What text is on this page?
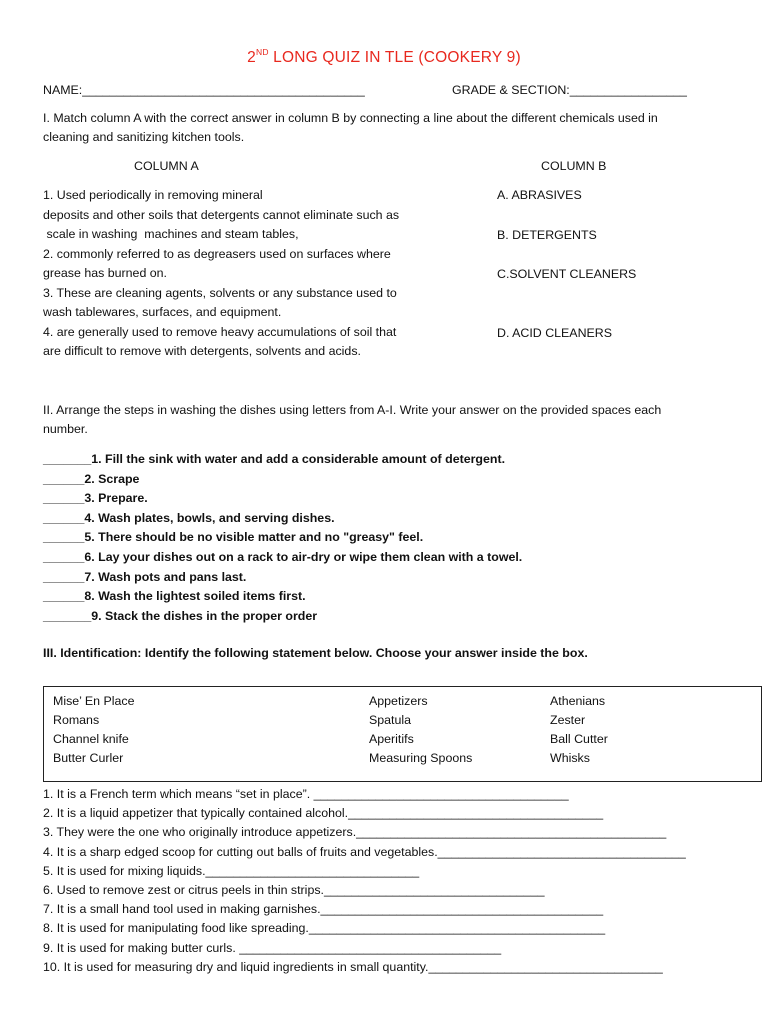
2ND LONG QUIZ IN TLE (COOKERY 9)
NAME:_________________________________________	GRADE & SECTION:_________________
I. Match column A with the correct answer in column B by connecting a line about the different chemicals used in
cleaning and sanitizing kitchen tools.
COLUMN A	COLUMN B
1. Used periodically in removing mineral
deposits and other soils that detergents cannot eliminate such as
scale in washing  machines and steam tables,
2. commonly referred to as degreasers used on surfaces where
grease has burned on.
3. These are cleaning agents, solvents or any substance used to
wash tablewares, surfaces, and equipment.
4. are generally used to remove heavy accumulations of soil that
are difficult to remove with detergents, solvents and acids.
A. ABRASIVES
B. DETERGENTS
C.SOLVENT CLEANERS
D. ACID CLEANERS
II. Arrange the steps in washing the dishes using letters from A-I. Write your answer on the provided spaces each
number.
_______1. Fill the sink with water and add a considerable amount of detergent.
______2. Scrape
______3. Prepare.
______4. Wash plates, bowls, and serving dishes.
______5. There should be no visible matter and no "greasy" feel.
______6. Lay your dishes out on a rack to air-dry or wipe them clean with a towel.
______7. Wash pots and pans last.
______8. Wash the lightest soiled items first.
_______9. Stack the dishes in the proper order
III. Identification: Identify the following statement below. Choose your answer inside the box.
Mise’ En Place
Romans
Channel knife
Butter Curler
Appetizers
Spatula
Aperitifs
Measuring Spoons
Athenians
Zester
Ball Cutter
Whisks
1. It is a French term which means “set in place”. _____________________________________
2. It is a liquid appetizer that typically contained alcohol._____________________________________
3. They were the one who originally introduce appetizers._____________________________________________
4. It is a sharp edged scoop for cutting out balls of fruits and vegetables.____________________________________
5. It is used for mixing liquids._______________________________
6. Used to remove zest or citrus peels in thin strips.________________________________
7. It is a small hand tool used in making garnishes._________________________________________
8. It is used for manipulating food like spreading.___________________________________________
9. It is used for making butter curls. ______________________________________
10. It is used for measuring dry and liquid ingredients in small quantity.__________________________________
